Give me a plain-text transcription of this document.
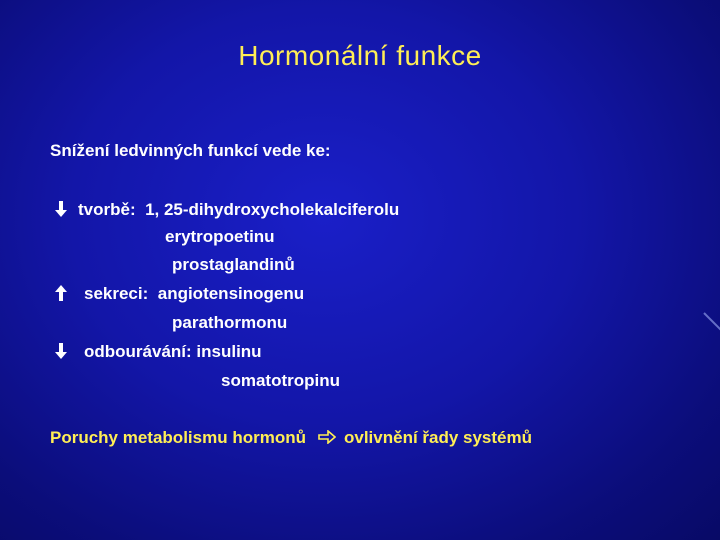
Hormonální funkce
Snížení ledvinných funkcí vede ke:
tvorbě: 1, 25-dihydroxycholekalciferolu
erytropoetinu
prostaglandinů
sekreci: angiotensinogenu
parathormonu
odbourávání: insulinu
somatotropinu
Poruchy metabolismu hormonů ovlivnění řady systémů
